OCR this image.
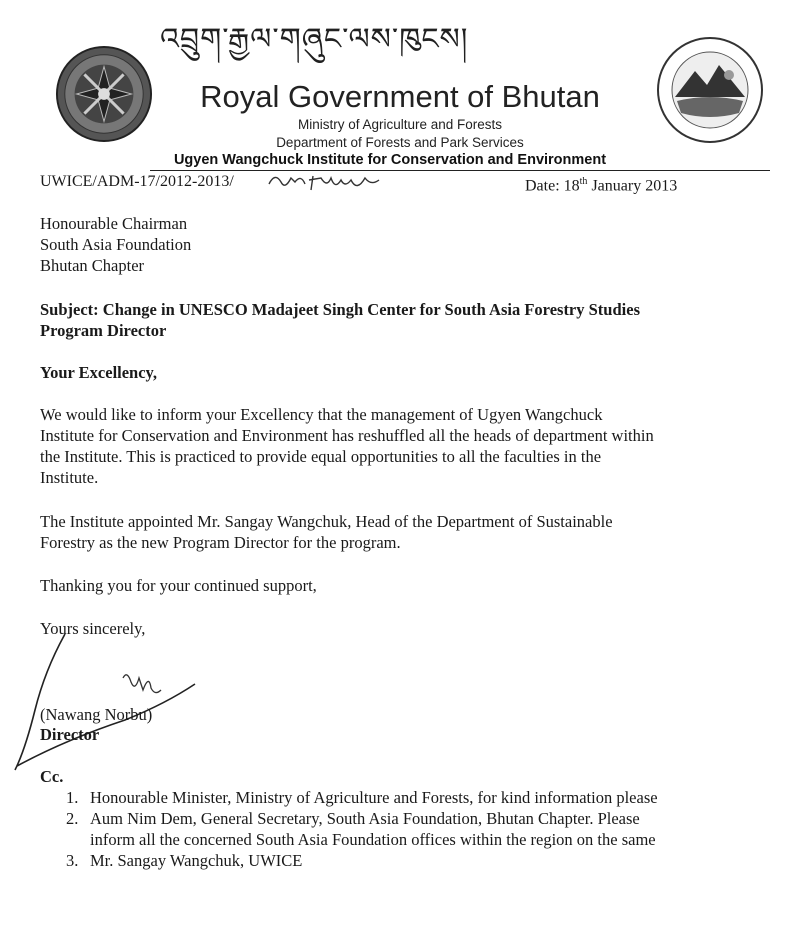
འབྲུག་རྒྱལ་གཞུང་ལས་ཁུངས།
Royal Government of Bhutan
Ministry of Agriculture and Forests
Department of Forests and Park Services
Ugyen Wangchuck Institute for Conservation and Environment
UWICE/ADM-17/2012-2013/	Date: 18th January 2013
Honourable Chairman
South Asia Foundation
Bhutan Chapter
Subject: Change in UNESCO Madajeet Singh Center for South Asia Forestry Studies
Program Director
Your Excellency,
We would like to inform your Excellency that the management of Ugyen Wangchuck
Institute for Conservation and Environment has reshuffled all the heads of department within
the Institute. This is practiced to provide equal opportunities to all the faculties in the
Institute.
The Institute appointed Mr. Sangay Wangchuk, Head of the Department of Sustainable
Forestry as the new Program Director for the program.
Thanking you for your continued support,
Yours sincerely,
(Nawang Norbu)
Director
Cc.
1. Honourable Minister, Ministry of Agriculture and Forests, for kind information please
2. Aum Nim Dem, General Secretary, South Asia Foundation, Bhutan Chapter. Please
inform all the concerned South Asia Foundation offices within the region on the same
3. Mr. Sangay Wangchuk, UWICE
